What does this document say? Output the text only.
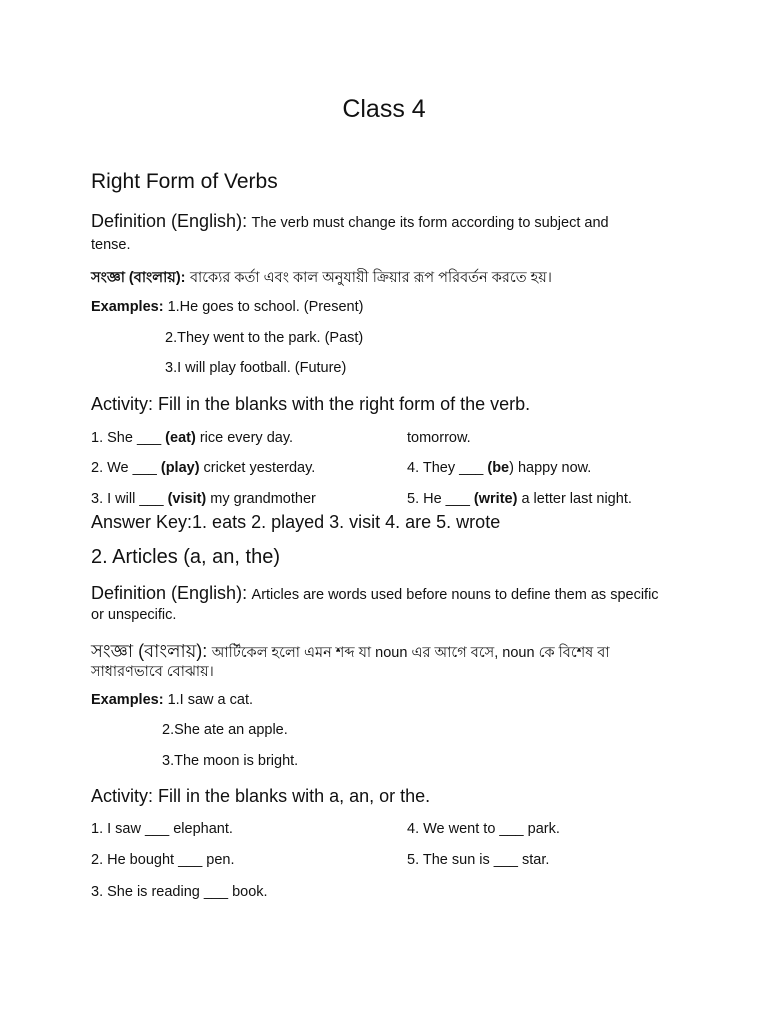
Class 4
Right Form of Verbs
Definition (English): The verb must change its form according to subject and
tense.
সংজ্ঞা (বাংলায়): বাক্যের কর্তা এবং কাল অনুযায়ী ক্রিয়ার রূপ পরিবর্তন করতে হয়।
Examples: 1.He goes to school. (Present)
2.They went to the park. (Past)
3.I will play football. (Future)
Activity: Fill in the blanks with the right form of the verb.
1. She ___ (eat) rice every day.
2. We ___ (play) cricket yesterday.
3. I will ___ (visit) my grandmother
tomorrow.
4. They ___ (be) happy now.
5. He ___ (write) a letter last night.
Answer Key:1. eats 2. played 3. visit 4. are 5. wrote
2. Articles (a, an, the)
Definition (English): Articles are words used before nouns to define them as specific
or unspecific.
সংজ্ঞা (বাংলায়): আর্টিকেল হলো এমন শব্দ যা noun এর আগে বসে, noun কে বিশেষ বা
সাধারণভাবে বোঝায়।
Examples: 1.I saw a cat.
2.She ate an apple.
3.The moon is bright.
Activity: Fill in the blanks with a, an, or the.
1. I saw ___ elephant.
2. He bought ___ pen.
3. She is reading ___ book.
4. We went to ___ park.
5. The sun is ___ star.
